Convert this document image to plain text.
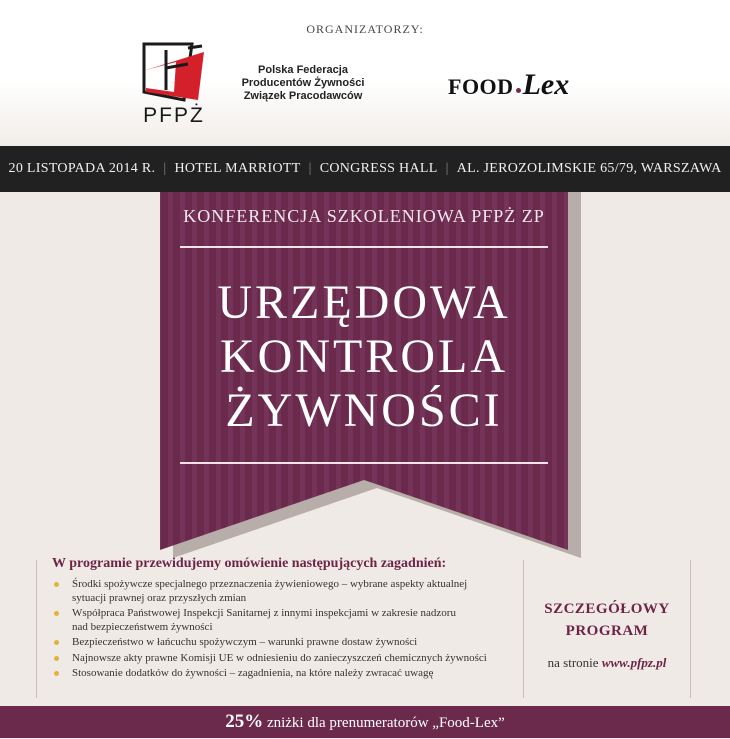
ORGANIZATORZY:
PFPŻ
Polska Federacja
Producentów Żywności
Związek Pracodawców	FOOD Lex
20 LISTOPADA 2014 R. | HOTEL MARRIOTT | CONGRESS HALL | AL. JEROZOLIMSKIE 65/79, WARSZAWA
KONFERENCJA SZKOLENIOWA PFPŻ ZP
URZĘDOWA
KONTROLA
ŻYWNOŚCI
W programie przewidujemy omówienie następujących zagadnień:
Środki spożywcze specjalnego przeznaczenia żywieniowego – wybrane aspekty aktualnej
sytuacji prawnej oraz przyszłych zmian
Współpraca Państwowej Inspekcji Sanitarnej z innymi inspekcjami w zakresie nadzoru
nad bezpieczeństwem żywności
Bezpieczeństwo w łańcuchu spożywczym – warunki prawne dostaw żywności
Najnowsze akty prawne Komisji UE w odniesieniu do zanieczyszczeń chemicznych żywności
Stosowanie dodatków do żywności – zagadnienia, na które należy zwracać uwagę
SZCZEGÓŁOWY
PROGRAM
na stronie www.pfpz.pl
25% zniżki dla prenumeratorów „Food-Lex”
